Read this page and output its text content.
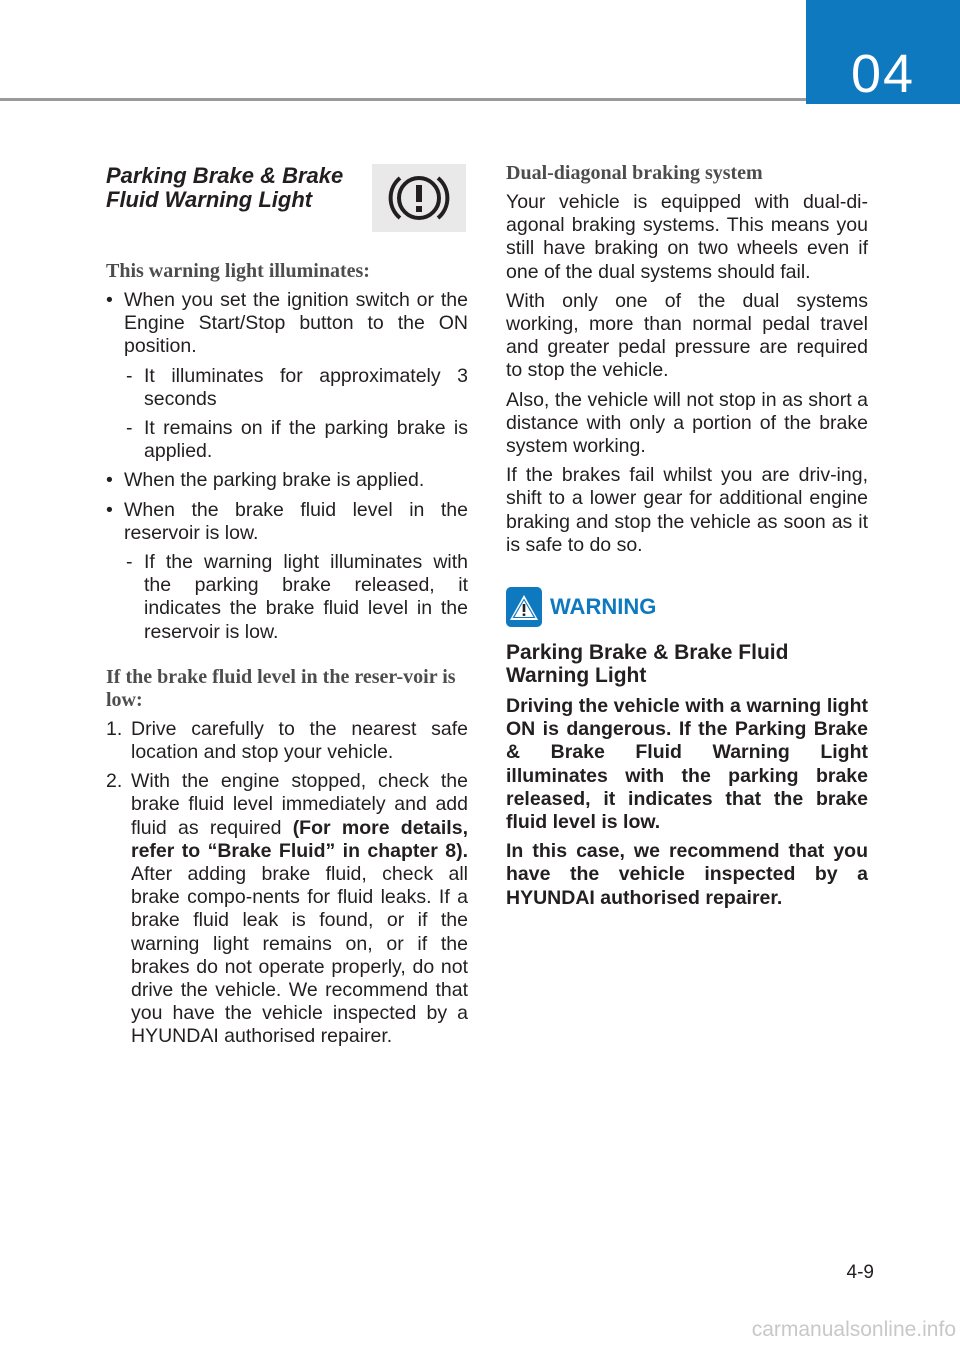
04
Parking Brake & Brake Fluid Warning Light
This warning light illuminates:
• When you set the ignition switch or the Engine Start/Stop button to the ON position.
- It illuminates for approximately 3 seconds
- It remains on if the parking brake is applied.
• When the parking brake is applied.
• When the brake fluid level in the reservoir is low.
- If the warning light illuminates with the parking brake released, it indicates the brake fluid level in the reservoir is low.
If the brake fluid level in the reser-voir is low:
1. Drive carefully to the nearest safe location and stop your vehicle.
2. With the engine stopped, check the brake fluid level immediately and add fluid as required (For more details, refer to “Brake Fluid” in chapter 8). After adding brake fluid, check all brake compo-nents for fluid leaks. If a brake fluid leak is found, or if the warning light remains on, or if the brakes do not operate properly, do not drive the vehicle. We recommend that you have the vehicle inspected by a HYUNDAI authorised repairer.
Dual-diagonal braking system

Your vehicle is equipped with dual-di-agonal braking systems. This means you still have braking on two wheels even if one of the dual systems should fail.

With only one of the dual systems working, more than normal pedal travel and greater pedal pressure are required to stop the vehicle.

Also, the vehicle will not stop in as short a distance with only a portion of the brake system working.

If the brakes fail whilst you are driv-ing, shift to a lower gear for additional engine braking and stop the vehicle as soon as it is safe to do so.

WARNING
Parking Brake & Brake Fluid Warning Light

Driving the vehicle with a warning light ON is dangerous. If the Parking Brake & Brake Fluid Warning Light illuminates with the parking brake released, it indicates that the brake fluid level is low.

In this case, we recommend that you have the vehicle inspected by a HYUNDAI authorised repairer.

4-9
carmanualsonline.info
